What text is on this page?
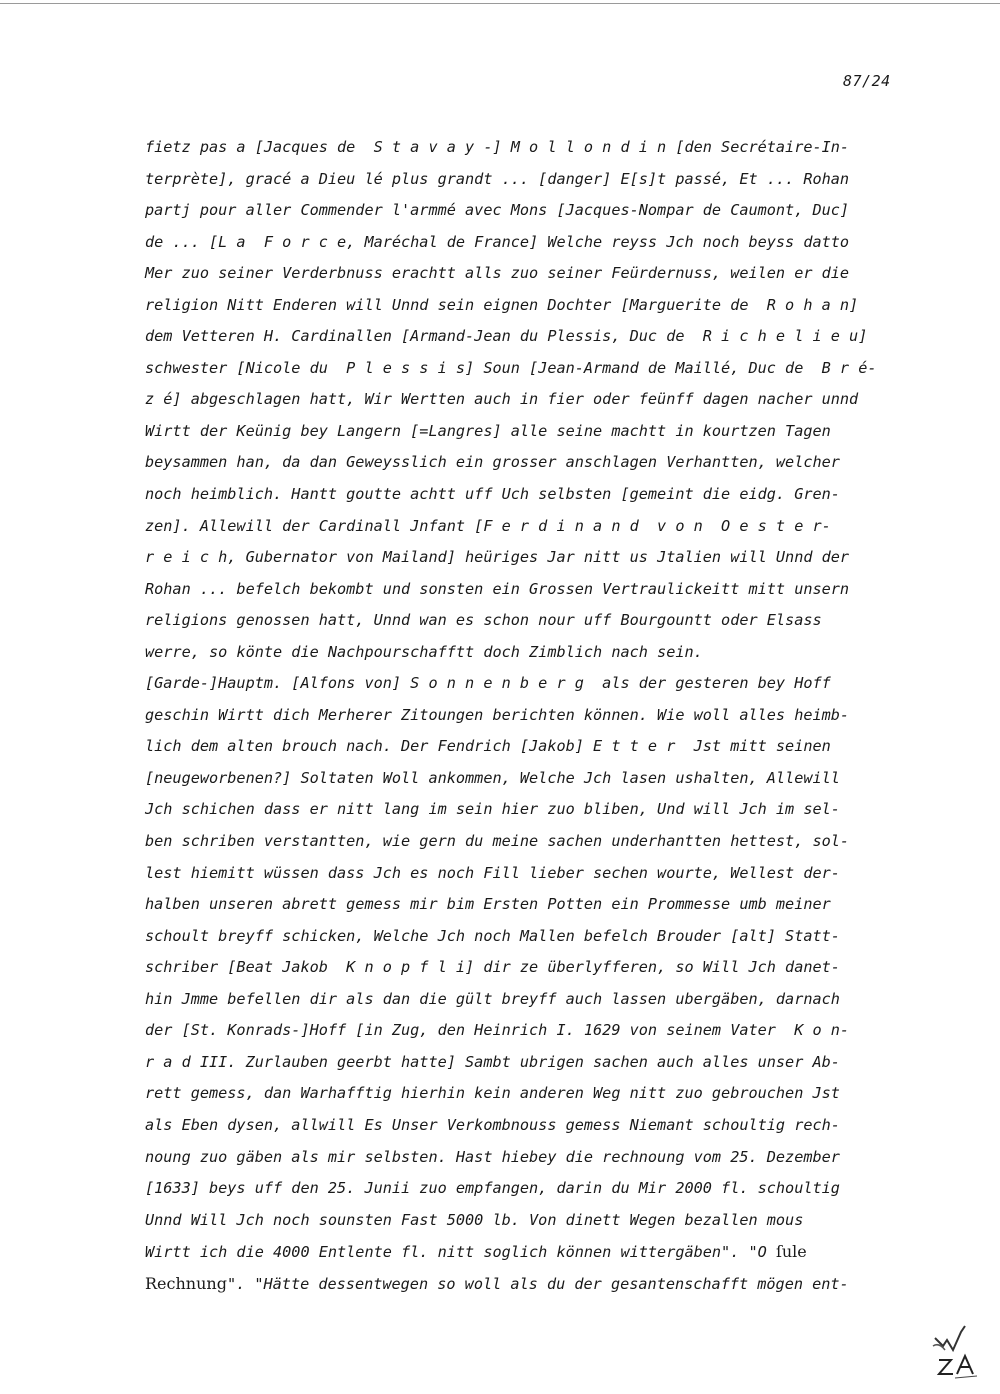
87/24
fietz pas a [Jacques de  S t a v a y -] M o l l o n d i n [den Secrétaire-In-
terprète], gracé a Dieu lé plus grandt ... [danger] E[s]t passé, Et ... Rohan
partj pour aller Commender l'armmé avec Mons [Jacques-Nompar de Caumont, Duc]
de ... [L a  F o r c e, Maréchal de France] Welche reyss Jch noch beyss datto
Mer zuo seiner Verderbnuss erachtt alls zuo seiner Feürdernuss, weilen er die
religion Nitt Enderen will Unnd sein eignen Dochter [Marguerite de  R o h a n]
dem Vetteren H. Cardinallen [Armand-Jean du Plessis, Duc de  R i c h e l i e u]
schwester [Nicole du  P l e s s i s] Soun [Jean-Armand de Maillé, Duc de  B r é-
z é] abgeschlagen hatt, Wir Wertten auch in fier oder feünff dagen nacher unnd
Wirtt der Keünig bey Langern [=Langres] alle seine machtt in kourtzen Tagen
beysammen han, da dan Geweysslich ein grosser anschlagen Verhantten, welcher
noch heimblich. Hantt goutte achtt uff Uch selbsten [gemeint die eidg. Gren-
zen]. Allewill der Cardinall Jnfant [F e r d i n a n d  v o n  O e s t e r-
r e i c h, Gubernator von Mailand] heüriges Jar nitt us Jtalien will Unnd der
Rohan ... befelch bekombt und sonsten ein Grossen Vertraulickeitt mitt unsern
religions genossen hatt, Unnd wan es schon nour uff Bourgountt oder Elsass
werre, so könte die Nachpourschafftt doch Zimblich nach sein.
[Garde-]Hauptm. [Alfons von] S o n n e n b e r g  als der gesteren bey Hoff
geschin Wirtt dich Merherer Zitoungen berichten können. Wie woll alles heimb-
lich dem alten brouch nach. Der Fendrich [Jakob] E t t e r  Jst mitt seinen
[neugeworbenen?] Soltaten Woll ankommen, Welche Jch lasen ushalten, Allewill
Jch schichen dass er nitt lang im sein hier zuo bliben, Und will Jch im sel-
ben schriben verstantten, wie gern du meine sachen underhantten hettest, sol-
lest hiemitt wüssen dass Jch es noch Fill lieber sechen wourte, Wellest der-
halben unseren abrett gemess mir bim Ersten Potten ein Prommesse umb meiner
schoult breyff schicken, Welche Jch noch Mallen befelch Brouder [alt] Statt-
schriber [Beat Jakob  K n o p f l i] dir ze überlyfferen, so Will Jch danet-
hin Jmme befellen dir als dan die gült breyff auch lassen ubergäben, darnach
der [St. Konrads-]Hoff [in Zug, den Heinrich I. 1629 von seinem Vater  K o n-
r a d III. Zurlauben geerbt hatte] Sambt ubrigen sachen auch alles unser Ab-
rett gemess, dan Warhafftig hierhin kein anderen Weg nitt zuo gebrouchen Jst
als Eben dysen, allwill Es Unser Verkombnouss gemess Niemant schoultig rech-
noung zuo gäben als mir selbsten. Hast hiebey die rechnoung vom 25. Dezember
[1633] beys uff den 25. Junii zuo empfangen, darin du Mir 2000 fl. schoultig
Unnd Will Jch noch sounsten Fast 5000 lb. Von dinett Wegen bezallen mous
Wirtt ich die 4000 Entlente fl. nitt soglich können wittergäben". "O ſule
Rechnung". "Hätte dessentwegen so woll als du der gesantenschafft mögen ent-
ZA
